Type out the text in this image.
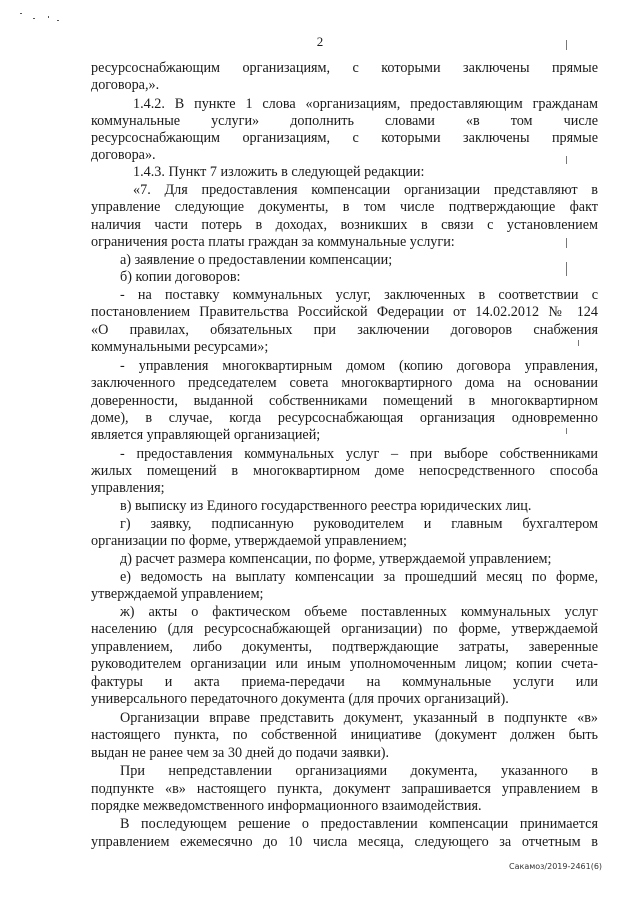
2
ресурсоснабжающим организациям, с которыми заключены прямые
договора,».
1.4.2. В пункте 1 слова «организациям, предоставляющим гражданам
коммунальные услуги» дополнить словами «в том числе
ресурсоснабжающим организациям, с которыми заключены прямые
договора».
1.4.3. Пункт 7 изложить в следующей редакции:
«7. Для предоставления компенсации организации представляют в
управление следующие документы, в том числе подтверждающие факт
наличия части потерь в доходах, возникших в связи с установлением
ограничения роста платы граждан за коммунальные услуги:
а) заявление о предоставлении компенсации;
б) копии договоров:
- на поставку коммунальных услуг, заключенных в соответствии с
постановлением Правительства Российской Федерации от 14.02.2012 № 124
«О правилах, обязательных при заключении договоров снабжения
коммунальными ресурсами»;
- управления многоквартирным домом (копию договора управления,
заключенного председателем совета многоквартирного дома на основании
доверенности, выданной собственниками помещений в многоквартирном
доме), в случае, когда ресурсоснабжающая организация одновременно
является управляющей организацией;
- предоставления коммунальных услуг – при выборе собственниками
жилых помещений в многоквартирном доме непосредственного способа
управления;
в) выписку из Единого государственного реестра юридических лиц.
г) заявку, подписанную руководителем и главным бухгалтером
организации по форме, утверждаемой управлением;
д) расчет размера компенсации, по форме, утверждаемой управлением;
е) ведомость на выплату компенсации за прошедший месяц по форме,
утверждаемой управлением;
ж) акты о фактическом объеме поставленных коммунальных услуг
населению (для ресурсоснабжающей организации) по форме, утверждаемой
управлением, либо документы, подтверждающие затраты, заверенные
руководителем организации или иным уполномоченным лицом; копии счета-
фактуры и акта приема-передачи на коммунальные услуги или
универсального передаточного документа (для прочих организаций).
Организации вправе представить документ, указанный в подпункте «в»
настоящего пункта, по собственной инициативе (документ должен быть
выдан не ранее чем за 30 дней до подачи заявки).
При непредставлении организациями документа, указанного в
подпункте «в» настоящего пункта, документ запрашивается управлением в
порядке межведомственного информационного взаимодействия.
В последующем решение о предоставлении компенсации принимается
управлением ежемесячно до 10 числа месяца, следующего за отчетным в
Сакамоз/2019-2461(6)
